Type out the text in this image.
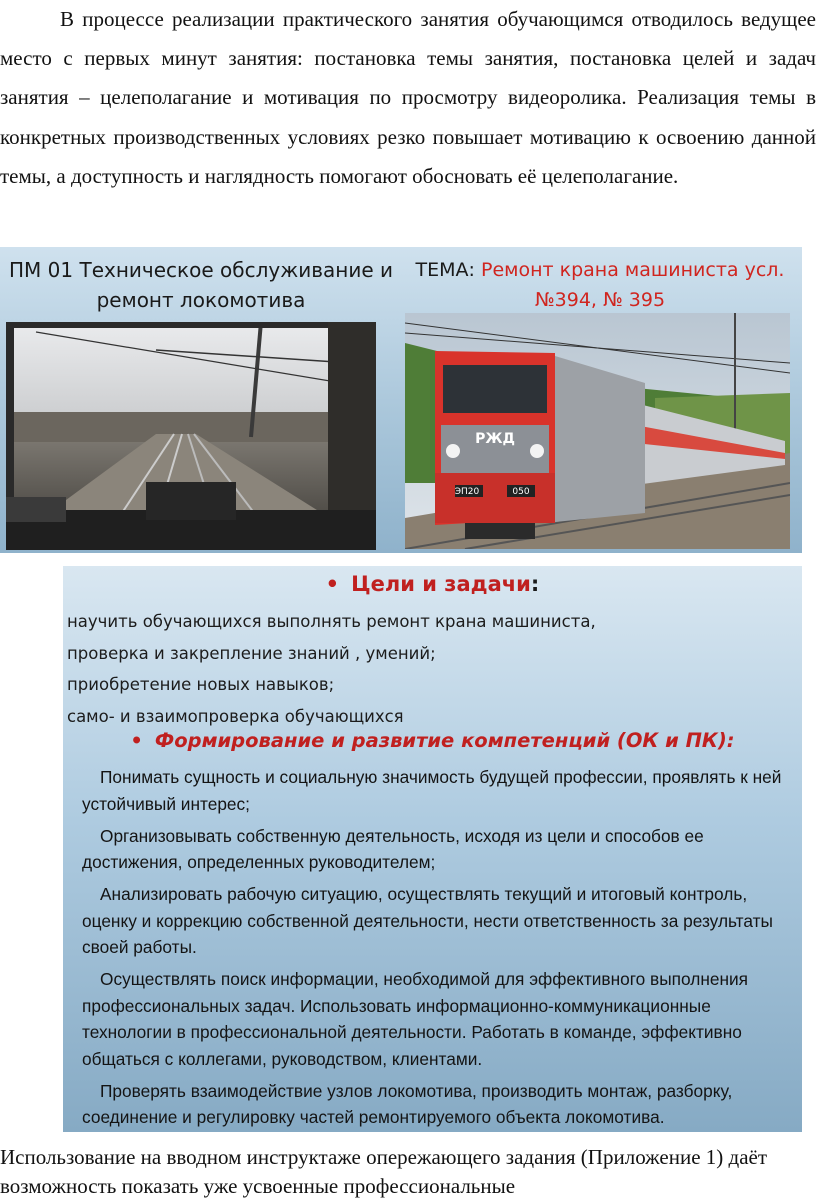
В процессе реализации практического занятия обучающимся отводилось ведущее место с первых минут занятия: постановка темы занятия, постановка целей и задач занятия – целеполагание и мотивация по просмотру видеоролика. Реализация темы в конкретных производственных условиях резко повышает мотивацию к освоению данной темы, а доступность и наглядность помогают обосновать её целеполагание.

ПМ 01 Техническое обслуживание и ремонт локомотива
ТЕМА: Ремонт крана машиниста усл.№394, № 395
РЖД
ЭП20	050
• Цели и задачи:
научить обучающихся выполнять ремонт крана машиниста,
проверка и закрепление знаний , умений;
приобретение новых навыков;
само- и взаимопроверка обучающихся
• Формирование и развитие компетенций (ОК и ПК):
Понимать сущность и социальную значимость будущей профессии, проявлять к ней устойчивый интерес;
Организовывать собственную деятельность, исходя из цели и способов ее достижения, определенных руководителем;
Анализировать рабочую ситуацию, осуществлять текущий и итоговый контроль, оценку и коррекцию собственной деятельности, нести ответственность за результаты своей работы.
Осуществлять поиск информации, необходимой для эффективного выполнения профессиональных задач. Использовать информационно-коммуникационные технологии в профессиональной деятельности. Работать в команде, эффективно общаться с коллегами, руководством, клиентами.
Проверять взаимодействие узлов локомотива, производить монтаж, разборку, соединение и регулировку частей ремонтируемого объекта локомотива.

Использование на вводном инструктаже опережающего задания (Приложение 1) даёт возможность показать уже усвоенные профессиональные
